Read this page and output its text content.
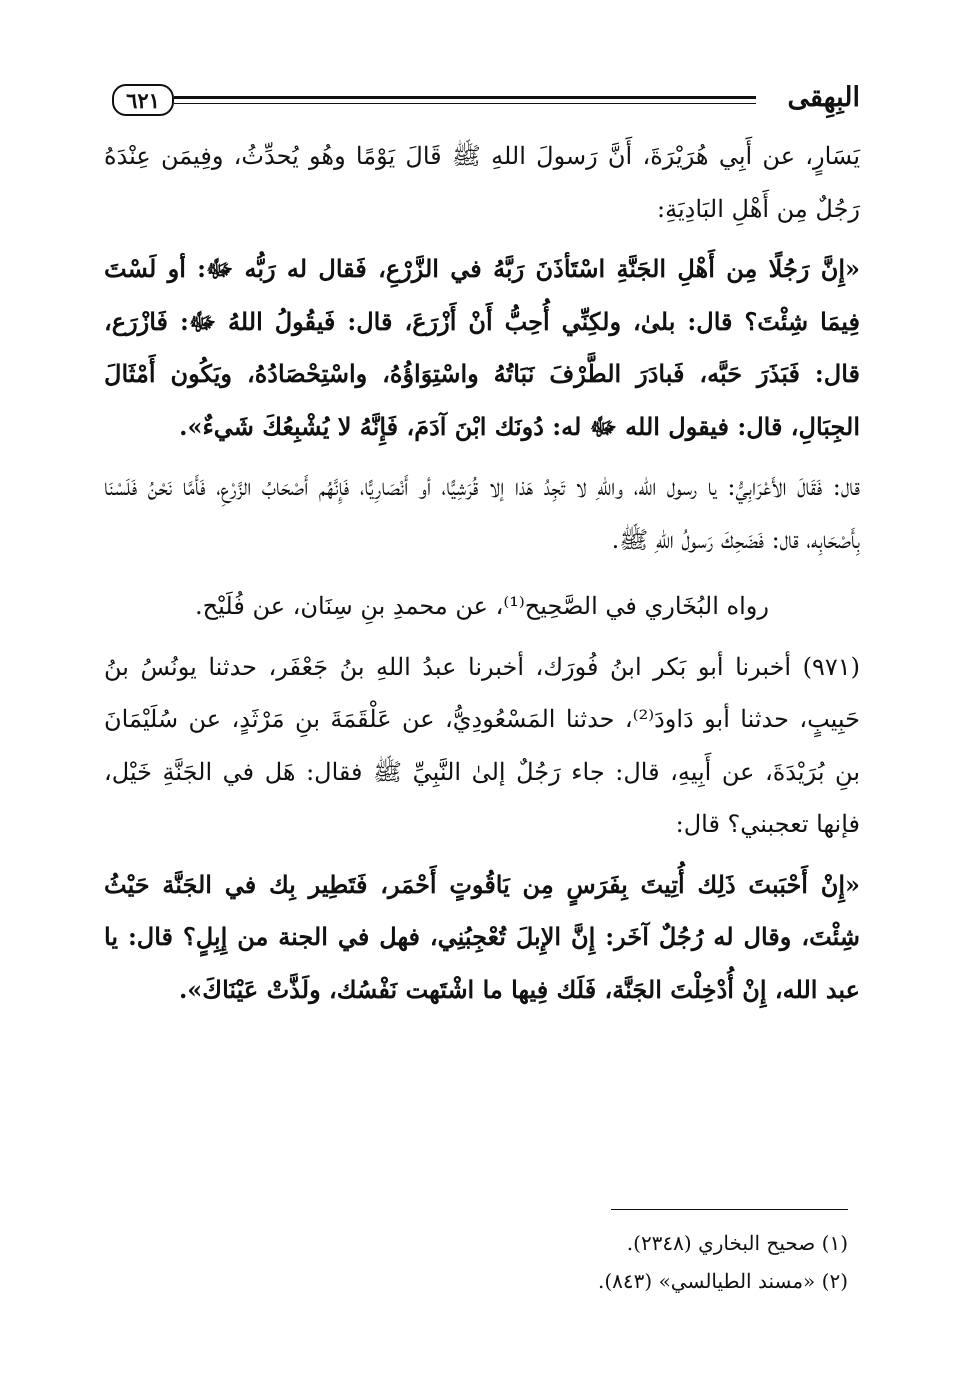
٦٢١	البِهِقى

يَسَارٍ، عن أَبِي هُرَيْرَةَ، أَنَّ رَسولَ اللهِ ﷺ قَالَ يَوْمًا وهُو يُحدِّثُ، وفِيمَن عِنْدَهُ رَجُلٌ مِن أَهْلِ البَادِيَةِ:

«إِنَّ رَجُلًا مِن أَهْلِ الجَنَّةِ اسْتَأذَنَ رَبَّهُ في الزَّرْعِ، فَقال له رَبُّه ﷻ: أو لَسْتَ فِيمَا شِئْتَ؟ قال: بلىٰ، ولكِنِّي أُحِبُّ أَنْ أَزْرَعَ، قال: فَيقُولُ اللهُ ﷻ: فَازْرَع، قال: فَبَذَرَ حَبَّه، فَبادَرَ الطَّرْفَ نَبَاتُهُ واسْتِوَاؤُهُ، واسْتِحْصَادُهُ، ويَكُون أَمْثَالَ الجِبَالِ، قال: فيقول الله ﷻ له: دُونَك ابْنَ آدَمَ، فَإِنَّهُ لا يُشْبِعُكَ شَيءٌ».

قال: فَقَالَ الأَعْرَابِيُّ: يا رسول الله، واللهِ لا تَجِدُ هَذا إلا قُرَشِيًّا، أو أَنْصَارِيًّا، فَإِنَّهُم أَصْحَابُ الزَّرْعِ، فَأَمَّا نَحْنُ فَلَسْنَا بِأَصْحَابِه، قال: فَضَحِكَ رَسولُ اللهِ ﷺ.

رواه البُخَاري في الصَّحِيح⁽¹⁾، عن محمدِ بنِ سِنَان، عن فُلَيْح.

(٩٧١) أخبرنا أبو بَكر ابنُ فُورَك، أخبرنا عبدُ اللهِ بنُ جَعْفَر، حدثنا يونُسُ بنُ حَبِيبٍ، حدثنا أبو دَاودَ⁽²⁾، حدثنا المَسْعُودِيُّ، عن عَلْقَمَةَ بنِ مَرْثَدٍ، عن سُلَيْمَانَ بنِ بُرَيْدَةَ، عن أَبِيهِ، قال: جاء رَجُلٌ إلىٰ النَّبِيِّ ﷺ فقال: هَل في الجَنَّةِ خَيْل، فإنها تعجبني؟ قال:

«إِنْ أَحْبَبتَ ذَلِك أُتِيتَ بِفَرَسٍ مِن يَاقُوتٍ أَحْمَر، فَتَطِير بِك في الجَنَّة حَيْثُ شِئْتَ، وقال له رُجُلٌ آخَر: إِنَّ الإِبلَ تُعْجِبُنِي، فهل في الجنة من إِبِلٍ؟ قال: يا عبد الله، إِنْ أُدْخِلْتَ الجَنَّة، فَلَك فِيها ما اشْتَهت نَفْسُك، ولَذَّتْ عَيْنَاكَ».

(١) صحيح البخاري (٢٣٤٨).

(٢) «مسند الطيالسي» (٨٤٣).
